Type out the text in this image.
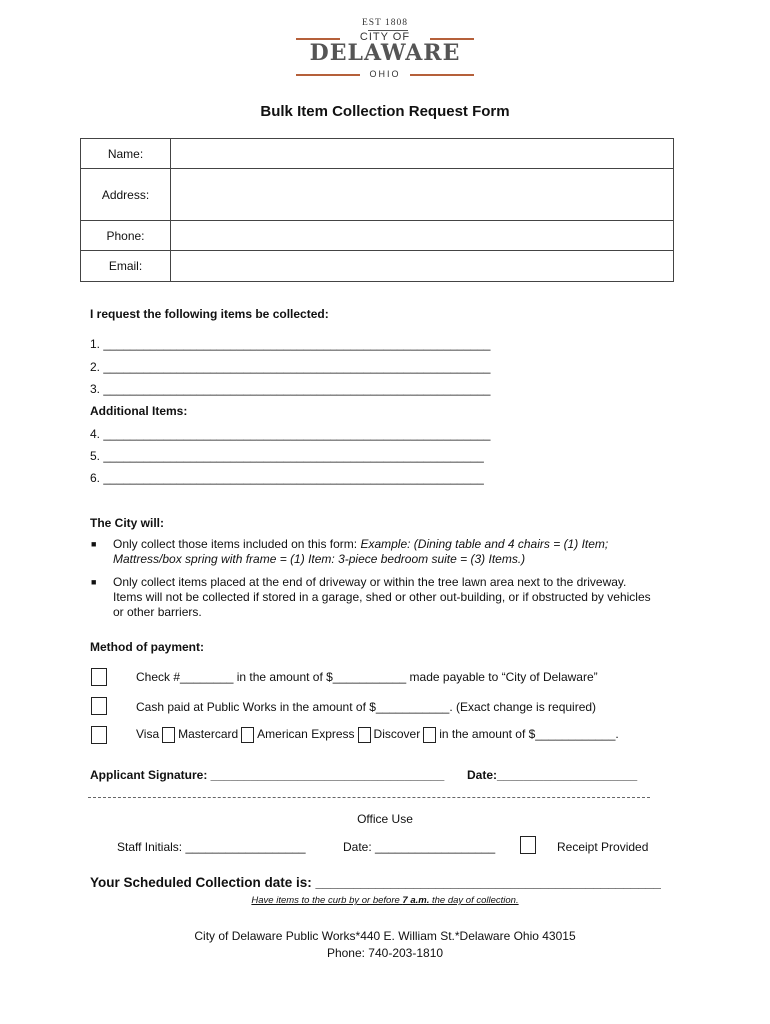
EST 1808
CITY OF
DELAWARE
OHIO
Bulk Item Collection Request Form
Name:	
Address:	
Phone:	
Email:	
I request the following items be collected:
1. __________________________________________________________
2. __________________________________________________________
3. __________________________________________________________
Additional Items:
4. __________________________________________________________
5. _________________________________________________________
6. _________________________________________________________
The City will:
■ Only collect those items included on this form: Example: (Dining table and 4 chairs = (1) Item;
Mattress/box spring with frame = (1) Item: 3-piece bedroom suite = (3) Items.)
■ Only collect items placed at the end of driveway or within the tree lawn area next to the driveway.
Items will not be collected if stored in a garage, shed or other out-building, or if obstructed by vehicles
or other barriers.
Method of payment:
Check #________ in the amount of $___________ made payable to “City of Delaware”
Cash paid at Public Works in the amount of $___________. (Exact change is required)
Visa Mastercard American Express Discover in the amount of $____________.
Applicant Signature: ___________________________________ Date:_____________________
Office Use
Staff Initials: __________________	Date: __________________	Receipt Provided
Your Scheduled Collection date is: ______________________________________________
Have items to the curb by or before 7 a.m. the day of collection.
City of Delaware Public Works*440 E. William St.*Delaware Ohio 43015
Phone: 740-203-1810
